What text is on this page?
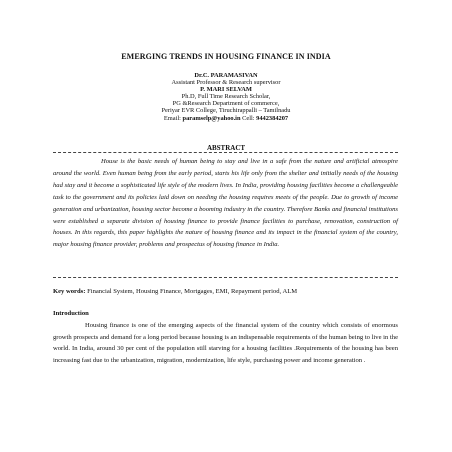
EMERGING TRENDS IN HOUSING FINANCE IN INDIA
Dr.C. PARAMASIVAN
Assistant Professor & Research supervisor
P. MARI SELVAM
Ph.D, Full Time Research Scholar,
PG &Research Department of commerce,
Periyar EVR College, Tiruchirappalli – Tamilnadu
Email: paramselp@yahoo.in Cell: 9442384207
ABSTRACT

House is the basic needs of human being to stay and live in a safe from the nature and artificial atmospire around the world. Even human being from the early period, starts his life only from the shelter and initially needs of the housing had stay and it become a sophisticated life style of the modern lives. In India, providing housing facilities become a challengeable task to the government and its policies laid down on needing the housing requires meets of the people. Due to growth of income generation and urbanization, housing sector become a booming industry in the country. Therefore Banks and financial institutions were established a separate division of housing finance to provide finance facilities to purchase, renovation, construction of houses. In this regards, this paper highlights the nature of housing finance and its impact in the financial system of the country, major housing finance provider, problems and prospectus of housing finance in India.

Key words: Financial System, Housing Finance, Mortgages, EMI, Repayment period, ALM
Introduction

Housing finance is one of the emerging aspects of the financial system of the country which consists of enormous growth prospects and demand for a long period because housing is an indispensable requirements of the human being to live in the world. In India, around 30 per cent of the population still starving for a housing facilities .Requirements of the housing has been increasing fast due to the urbanization, migration, modernization, life style, purchasing power and income generation .
